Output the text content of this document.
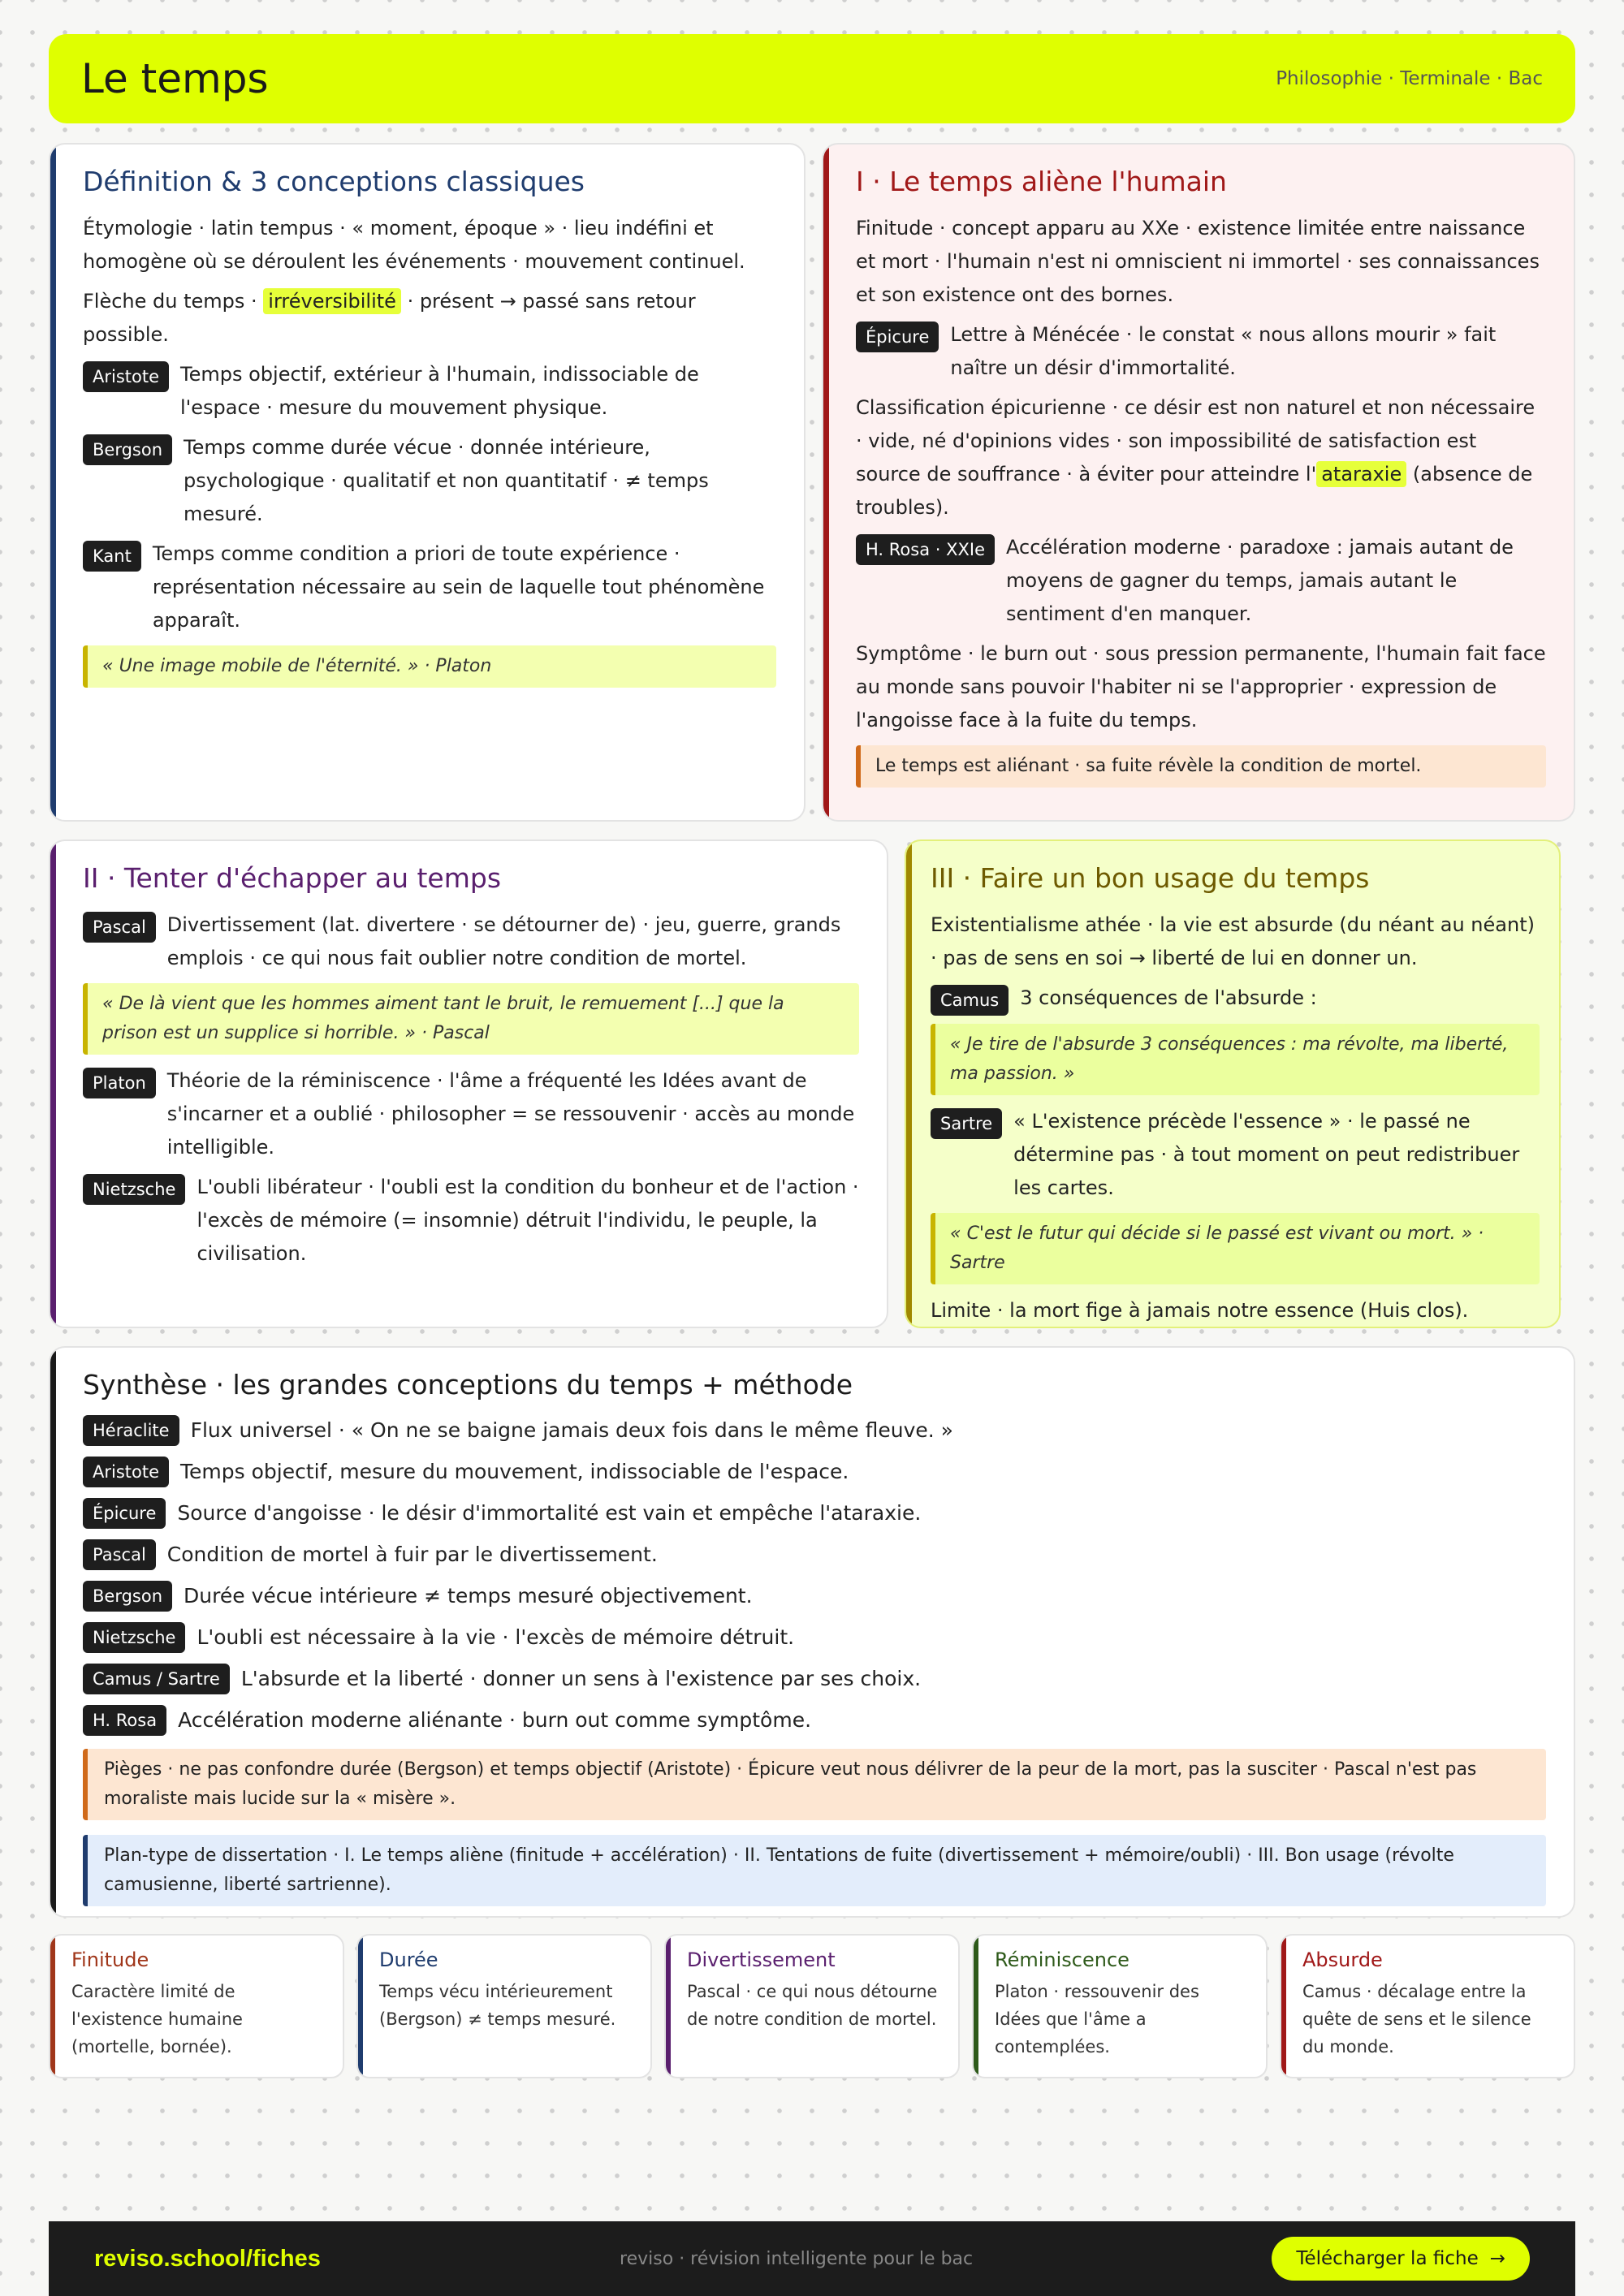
Le temps	Philosophie · Terminale · Bac
Définition & 3 conceptions classiques

Étymologie · latin tempus · « moment, époque » · lieu indéfini et homogène où se déroulent les événements · mouvement continuel.

Flèche du temps · irréversibilité · présent → passé sans retour possible.

Aristote	Temps objectif, extérieur à l'humain, indissociable de l'espace · mesure du mouvement physique.
Bergson	Temps comme durée vécue · donnée intérieure, psychologique · qualitatif et non quantitatif · ≠ temps mesuré.
Kant	Temps comme condition a priori de toute expérience · représentation nécessaire au sein de laquelle tout phénomène apparaît.
« Une image mobile de l'éternité. » · Platon
I · Le temps aliène l'humain

Finitude · concept apparu au XXe · existence limitée entre naissance et mort · l'humain n'est ni omniscient ni immortel · ses connaissances et son existence ont des bornes.

Épicure	Lettre à Ménécée · le constat « nous allons mourir » fait naître un désir d'immortalité.

Classification épicurienne · ce désir est non naturel et non nécessaire · vide, né d'opinions vides · son impossibilité de satisfaction est source de souffrance · à éviter pour atteindre l' ataraxie (absence de troubles).

H. Rosa · XXIe	Accélération moderne · paradoxe : jamais autant de moyens de gagner du temps, jamais autant le sentiment d'en manquer.

Symptôme · le burn out · sous pression permanente, l'humain fait face au monde sans pouvoir l'habiter ni se l'approprier · expression de l'angoisse face à la fuite du temps.

Le temps est aliénant · sa fuite révèle la condition de mortel.
II · Tenter d'échapper au temps
Pascal	Divertissement (lat. divertere · se détourner de) · jeu, guerre, grands emplois · ce qui nous fait oublier notre condition de mortel.
« De là vient que les hommes aiment tant le bruit, le remuement [...] que la prison est un supplice si horrible. » · Pascal
Platon	Théorie de la réminiscence · l'âme a fréquenté les Idées avant de s'incarner et a oublié · philosopher = se ressouvenir · accès au monde intelligible.
Nietzsche	L'oubli libérateur · l'oubli est la condition du bonheur et de l'action · l'excès de mémoire (= insomnie) détruit l'individu, le peuple, la civilisation.
III · Faire un bon usage du temps

Existentialisme athée · la vie est absurde (du néant au néant) · pas de sens en soi → liberté de lui en donner un.

Camus	3 conséquences de l'absurde :
« Je tire de l'absurde 3 conséquences : ma révolte, ma liberté, ma passion. »
Sartre	« L'existence précède l'essence » · le passé ne détermine pas · à tout moment on peut redistribuer les cartes.
« C'est le futur qui décide si le passé est vivant ou mort. » · Sartre

Limite · la mort fige à jamais notre essence (Huis clos).

Synthèse · les grandes conceptions du temps + méthode
Héraclite	Flux universel · « On ne se baigne jamais deux fois dans le même fleuve. »
Aristote	Temps objectif, mesure du mouvement, indissociable de l'espace.
Épicure	Source d'angoisse · le désir d'immortalité est vain et empêche l'ataraxie.
Pascal	Condition de mortel à fuir par le divertissement.
Bergson	Durée vécue intérieure ≠ temps mesuré objectivement.
Nietzsche	L'oubli est nécessaire à la vie · l'excès de mémoire détruit.
Camus / Sartre	L'absurde et la liberté · donner un sens à l'existence par ses choix.
H. Rosa	Accélération moderne aliénante · burn out comme symptôme.
Pièges · ne pas confondre durée (Bergson) et temps objectif (Aristote) · Épicure veut nous délivrer de la peur de la mort, pas la susciter · Pascal n'est pas moraliste mais lucide sur la « misère ».
Plan-type de dissertation · I. Le temps aliène (finitude + accélération) · II. Tentations de fuite (divertissement + mémoire/oubli) · III. Bon usage (révolte camusienne, liberté sartrienne).
Finitude

Caractère limité de l'existence humaine (mortelle, bornée).

Durée

Temps vécu intérieurement (Bergson) ≠ temps mesuré.

Divertissement

Pascal · ce qui nous détourne de notre condition de mortel.

Réminiscence

Platon · ressouvenir des Idées que l'âme a contemplées.

Absurde

Camus · décalage entre la quête de sens et le silence du monde.

reviso.school/fiches	reviso · révision intelligente pour le bac	Télécharger la fiche →
